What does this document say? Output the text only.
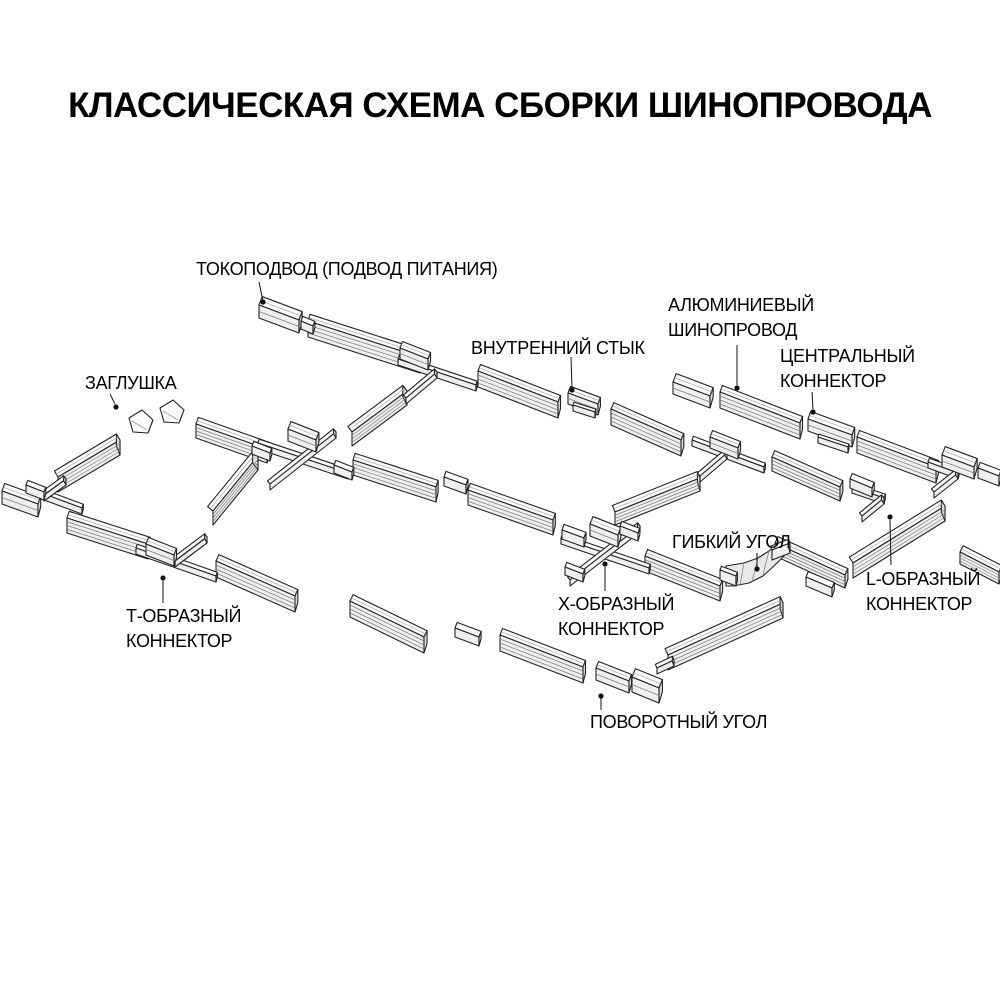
КЛАССИЧЕСКАЯ СХЕМА СБОРКИ ШИНОПРОВОДА
ТОКОПОДВОД (ПОДВОД ПИТАНИЯ)
ВНУТРЕННИЙ СТЫК
АЛЮМИНИЕВЫЙ
ШИНОПРОВОД
ЦЕНТРАЛЬНЫЙ
КОННЕКТОР
ЗАГЛУШКА
ГИБКИЙ УГОЛ
L-ОБРАЗНЫЙ
КОННЕКТОР
Т-ОБРАЗНЫЙ
КОННЕКТОР
Х-ОБРАЗНЫЙ
КОННЕКТОР
ПОВОРОТНЫЙ УГОЛ
